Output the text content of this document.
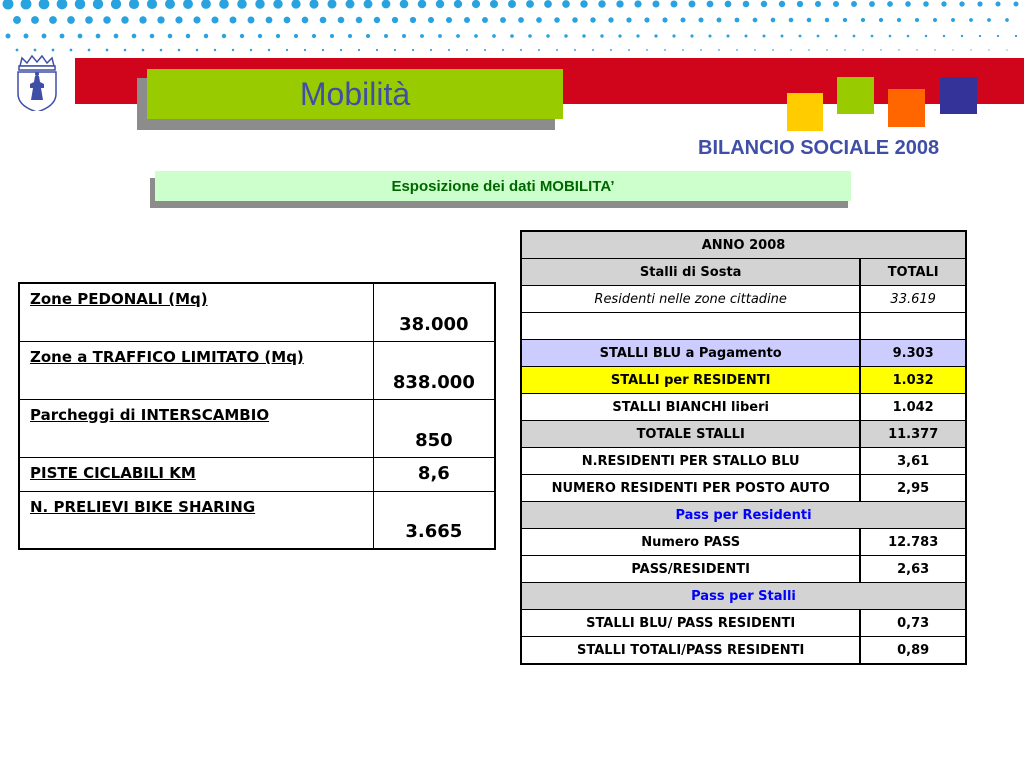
Mobilità
BILANCIO SOCIALE 2008
Esposizione dei dati MOBILITA’
Zone PEDONALI (Mq)	38.000
Zone a TRAFFICO LIMITATO (Mq)	838.000
Parcheggi di INTERSCAMBIO	850
PISTE CICLABILI KM	8,6
N. PRELIEVI BIKE SHARING	3.665
ANNO 2008	
Stalli di Sosta	TOTALI
Residenti nelle zone cittadine	33.619

STALLI BLU a Pagamento	9.303
STALLI per RESIDENTI	1.032
STALLI BIANCHI liberi	1.042
TOTALE STALLI	11.377
N.RESIDENTI PER STALLO BLU	3,61
NUMERO RESIDENTI PER POSTO AUTO	2,95
Pass per Residenti	
Numero PASS	12.783
PASS/RESIDENTI	2,63
Pass per Stalli	
STALLI BLU/ PASS RESIDENTI	0,73
STALLI TOTALI/PASS RESIDENTI	0,89
